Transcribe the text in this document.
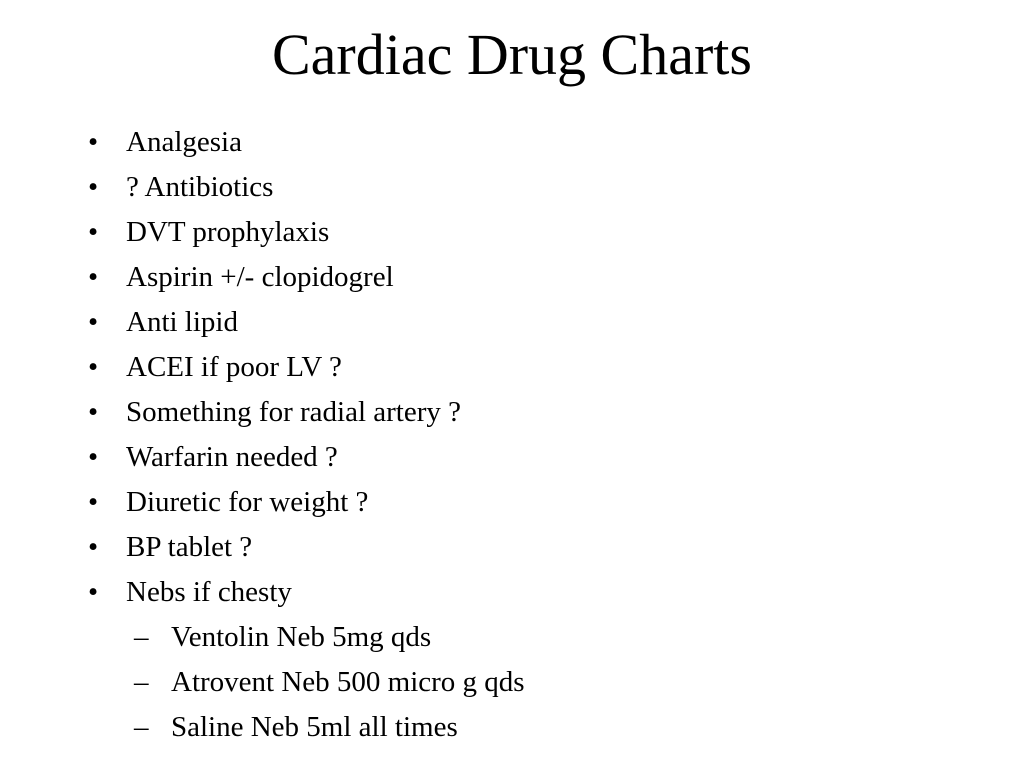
Cardiac Drug Charts
• Analgesia
• ? Antibiotics
• DVT prophylaxis
• Aspirin +/- clopidogrel
• Anti lipid
• ACEI if poor LV ?
• Something for radial artery ?
• Warfarin needed ?
• Diuretic for weight ?
• BP tablet ?
• Nebs if chesty
– Ventolin Neb 5mg qds
– Atrovent Neb 500 micro g qds
– Saline Neb 5ml all times
